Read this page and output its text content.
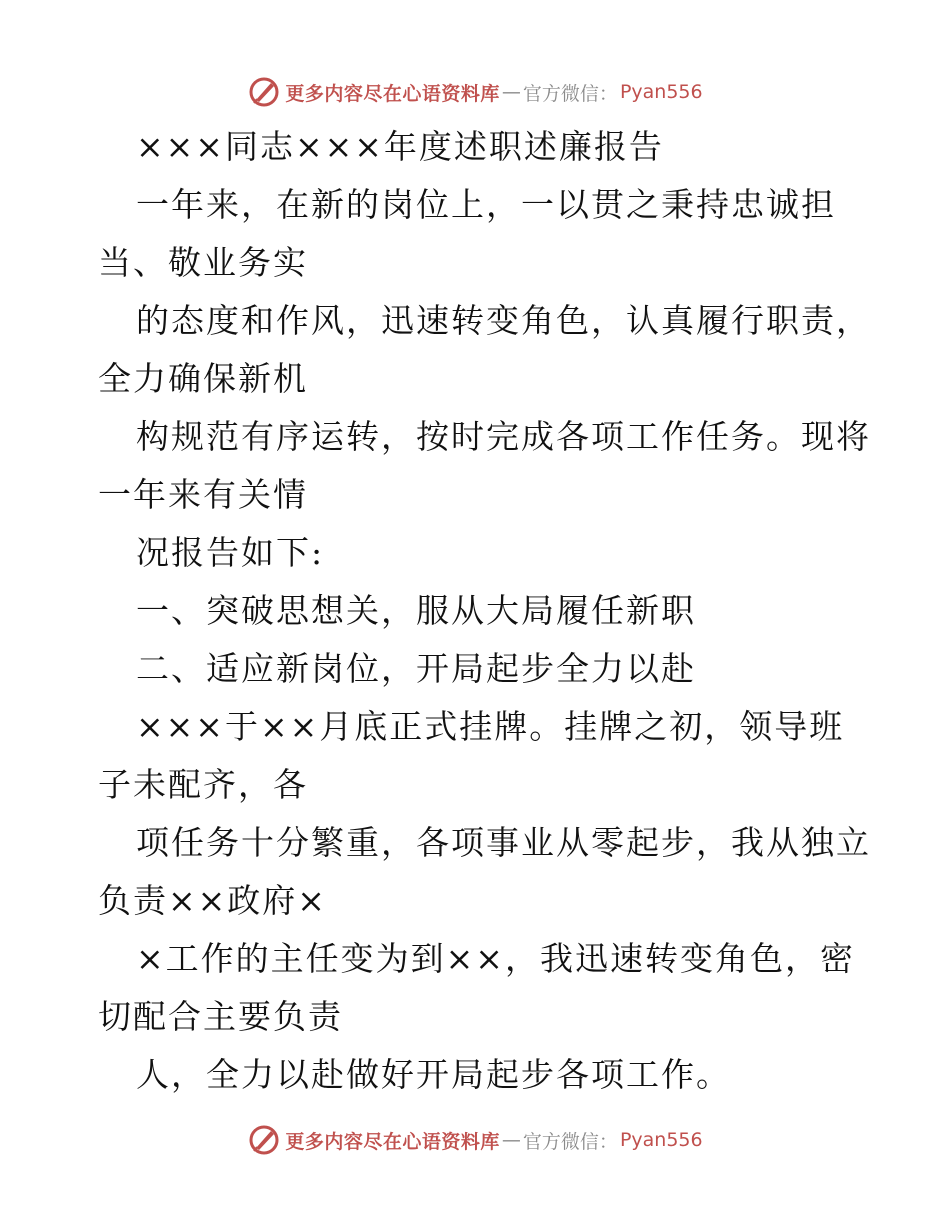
更多内容尽在心语资料库 — 官方微信： Pyan556
×××同志×××年度述职述廉报告
一年来，在新的岗位上，一以贯之秉持忠诚担
当、敬业务实
的态度和作风，迅速转变角色，认真履行职责，
全力确保新机
构规范有序运转，按时完成各项工作任务。现将
一年来有关情
况报告如下:
一、突破思想关，服从大局履任新职
二、适应新岗位，开局起步全力以赴
×××于××月底正式挂牌。挂牌之初，领导班
子未配齐，各
项任务十分繁重，各项事业从零起步，我从独立
负责××政府×
×工作的主任变为到××，我迅速转变角色，密
切配合主要负责
人，全力以赴做好开局起步各项工作。
更多内容尽在心语资料库 — 官方微信： Pyan556
